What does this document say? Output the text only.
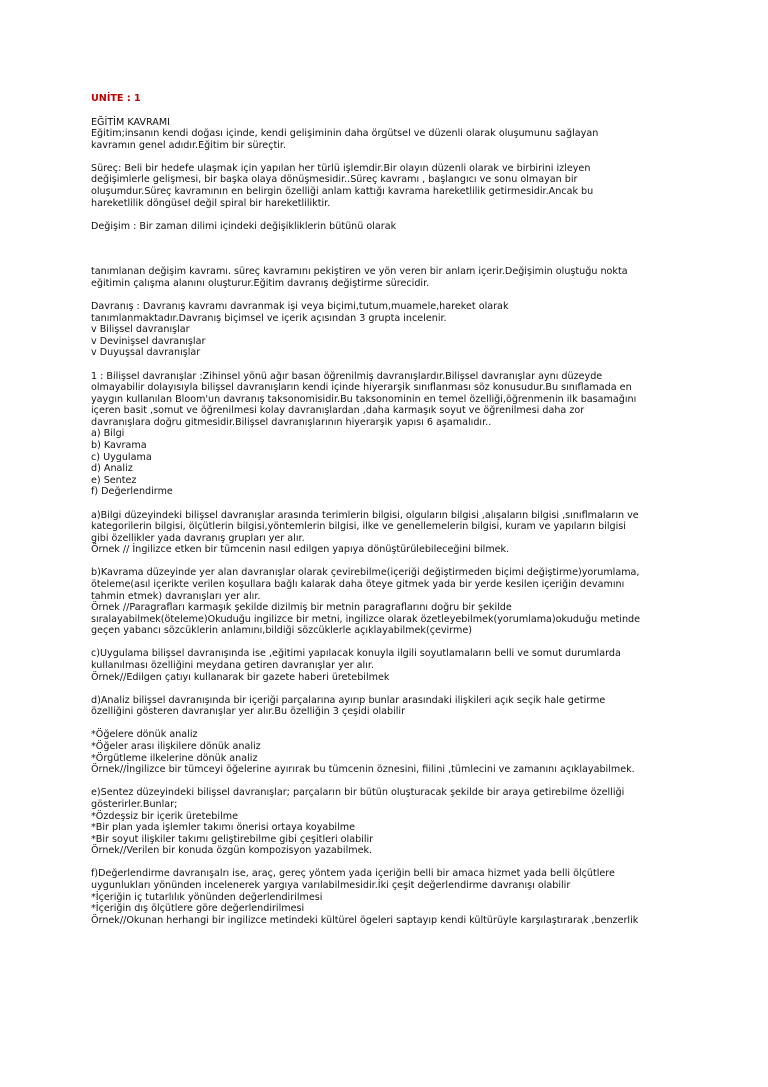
UNİTE : 1
EĞİTİM KAVRAMI
Eğitim;insanın kendi doğası içinde, kendi gelişiminin daha örgütsel ve düzenli olarak oluşumunu sağlayan
kavramın genel adıdır.Eğitim bir süreçtir.
Süreç: Beli bir hedefe ulaşmak için yapılan her türlü işlemdir.Bir olayın düzenli olarak ve birbirini izleyen
değişimlerle gelişmesi, bir başka olaya dönüşmesidir..Süreç kavramı , başlangıcı ve sonu olmayan bir
oluşumdur.Süreç kavramının en belirgin özelliği anlam kattığı kavrama hareketlilik getirmesidir.Ancak bu
hareketlilik döngüsel değil spiral bir hareketliliktir.
Değişim : Bir zaman dilimi içindeki değişikliklerin bütünü olarak
tanımlanan değişim kavramı. süreç kavramını pekiştiren ve yön veren bir anlam içerir.Değişimin oluştuğu nokta
eğitimin çalışma alanını oluşturur.Eğitim davranış değiştirme sürecidir.
Davranış : Davranış kavramı davranmak işi veya biçimi,tutum,muamele,hareket olarak
tanımlanmaktadır.Davranış biçimsel ve içerik açısından 3 grupta incelenir.
v Bilişsel davranışlar
v Devinişsel davranışlar
v Duyuşsal davranışlar
1 : Bilişsel davranışlar :Zihinsel yönü ağır basan öğrenilmiş davranışlardır.Bilişsel davranışlar aynı düzeyde
olmayabilir dolayısıyla bilişsel davranışların kendi içinde hiyerarşik sınıflanması söz konusudur.Bu sınıflamada en
yaygın kullanılan Bloom'un davranış taksonomisidir.Bu taksonominin en temel özelliği,öğrenmenin ilk basamağını
içeren basit ,somut ve öğrenilmesi kolay davranışlardan ,daha karmaşık soyut ve öğrenilmesi daha zor
davranışlara doğru gitmesidir.Bilişsel davranışlarının hiyerarşik yapısı 6 aşamalıdır..
a) Bilgi
b) Kavrama
c) Uygulama
d) Analiz
e) Sentez
f) Değerlendirme
a)Bilgi düzeyindeki bilişsel davranışlar arasında terimlerin bilgisi, olguların bilgisi ,alışaların bilgisi ,sınıflmaların ve
kategorilerin bilgisi, ölçütlerin bilgisi,yöntemlerin bilgisi, ilke ve genellemelerin bilgisi, kuram ve yapıların bilgisi
gibi özellikler yada davranış grupları yer alır.
Örnek // İngilizce etken bir tümcenin nasıl edilgen yapıya dönüştürülebileceğini bilmek.
b)Kavrama düzeyinde yer alan davranışlar olarak çevirebilme(içeriği değiştirmeden biçimi değiştirme)yorumlama,
öteleme(asıl içerikte verilen koşullara bağlı kalarak daha öteye gitmek yada bir yerde kesilen içeriğin devamını
tahmin etmek) davranışları yer alır.
Örnek //Paragrafları karmaşık şekilde dizilmiş bir metnin paragraflarını doğru bir şekilde
sıralayabilmek(öteleme)Okuduğu ingilizce bir metni, ingilizce olarak özetleyebilmek(yorumlama)okuduğu metinde
geçen yabancı sözcüklerin anlamını,bildiği sözcüklerle açıklayabilmek(çevirme)
c)Uygulama bilişsel davranışında ise ,eğitimi yapılacak konuyla ilgili soyutlamaların belli ve somut durumlarda
kullanılması özelliğini meydana getiren davranışlar yer alır.
Örnek//Edilgen çatıyı kullanarak bir gazete haberi üretebilmek
d)Analiz bilişsel davranışında bir içeriği parçalarına ayırıp bunlar arasındaki ilişkileri açık seçik hale getirme
özelliğini gösteren davranışlar yer alır.Bu özelliğin 3 çeşidi olabilir
*Öğelere dönük analiz
*Öğeler arası ilişkilere dönük analiz
*Örgütleme ilkelerine dönük analiz
Örnek//İngilizce bir tümceyi öğelerine ayırırak bu tümcenin öznesini, fiilini ,tümlecini ve zamanını açıklayabilmek.
e)Sentez düzeyindeki bilişsel davranışlar; parçaların bir bütün oluşturacak şekilde bir araya getirebilme özelliği
gösterirler.Bunlar;
*Özdeşsiz bir içerik üretebilme
*Bir plan yada işlemler takımı önerisi ortaya koyabilme
*Bir soyut ilişkiler takımı geliştirebilme gibi çeşitleri olabilir
Örnek//Verilen bir konuda özgün kompozisyon yazabilmek.
f)Değerlendirme davranışalrı ise, araç, gereç yöntem yada içeriğin belli bir amaca hizmet yada belli ölçütlere
uygunlukları yönünden incelenerek yargıya varılabilmesidir.İki çeşit değerlendirme davranışı olabilir
*İçeriğin iç tutarlılık yönünden değerlendirilmesi
*İçeriğin dış ölçütlere göre değerlendirilmesi
Örnek//Okunan herhangi bir ingilizce metindeki kültürel ögeleri saptayıp kendi kültürüyle karşılaştırarak ,benzerlik
